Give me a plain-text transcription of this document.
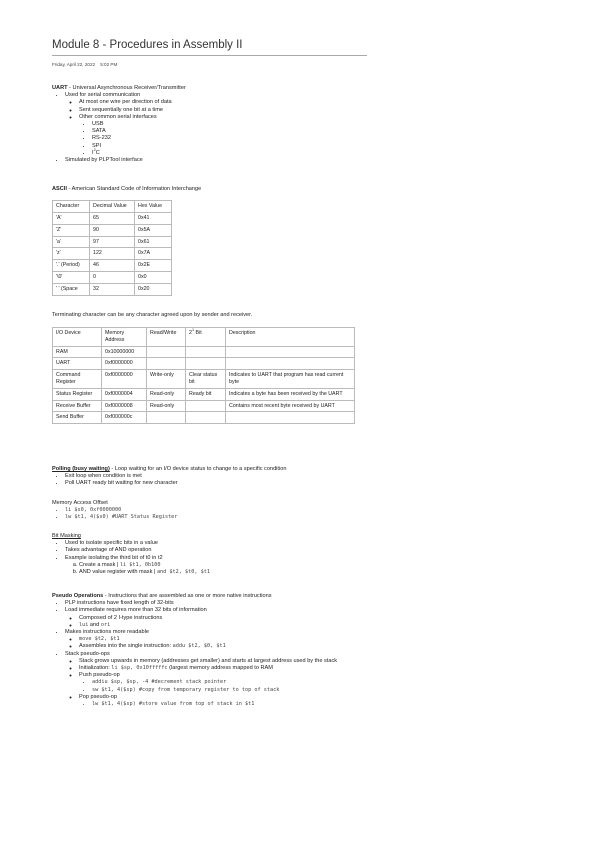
Module 8 - Procedures in Assembly II
Friday, April 22, 2022 5:02 PM
UART - Universal Asynchronous Receiver/Transmitter
• Used for serial communication
◦ At most one wire per direction of data
◦ Sent sequentially one bit at a time
◦ Other common serial interfaces
• USB
• SATA
• RS-232
• SPI
• $I^2C$
• Simulated by PLPTool interface
ASCII - American Standard Code of Information Interchange
Character	Decimal Value	Hex Value
'A'	65	0x41
'Z'	90	0x5A
'a'	97	0x61
'z'	122	0x7A
'.' (Period)	46	0x2E
'\0'	0	0x0
' ' (Space	32	0x20
Terminating character can be any character agreed upon by sender and receiver.
I/O Device	Memory Address	Read/Write	$2^1$ Bit	Description
RAM	0x10000000			
UART	0xf0000000			
Command Register	0xf0000000	Write-only	Clear status bit	Indicates to UART that program has read current byte
Status Register	0xf0000004	Read-only	Ready bit	Indicates a byte has been received by the UART
Receive Buffer	0xf0000008	Read-only		Contains most recent byte received by UART
Send Buffer	0xf000000c			
Polling (busy waiting) - Loop waiting for an I/O device status to change to a specific condition
• Exit loop when condition is met
• Poll UART ready bit waiting for new character
Memory Access Offset
• li $s0, 0xf0000000
• lw $t1, 4($s0) #UART Status Register
Bit Masking
• Used to isolate specific bits in a value
• Takes advantage of AND operation
• Example isolating the third bit of t0 in t2
a. Create a mask | li $t1, 0b100
b. AND value register with mask | and $t2, $t0, $t1
Pseudo Operations - Instructions that are assembled as one or more native instructions
• PLP instructions have fixed length of 32-bits
• Load immediate requires more than 32 bits of information
◦ Composed of 2 I-type instructions
◦ lui and ori
• Makes instructions more readable
◦ move $t2, $t1
◦ Assembles into the single instruction: addu $t2, $0, $t1
• Stack pseudo-ops
◦ Stack grows upwards in memory (addresses get smaller) and starts at largest address used by the stack
◦ Initialization: li $sp, 0x10fffffc (largest memory address mapped to RAM
◦ Push pseudo-op
• addiu $sp, $sp, -4 #decrement stack pointer
• sw $t1, 4($sp) #copy from temporary register to top of stack
◦ Pop pseudo-op
• lw $t1, 4($sp) #store value from top of stack in $t1
